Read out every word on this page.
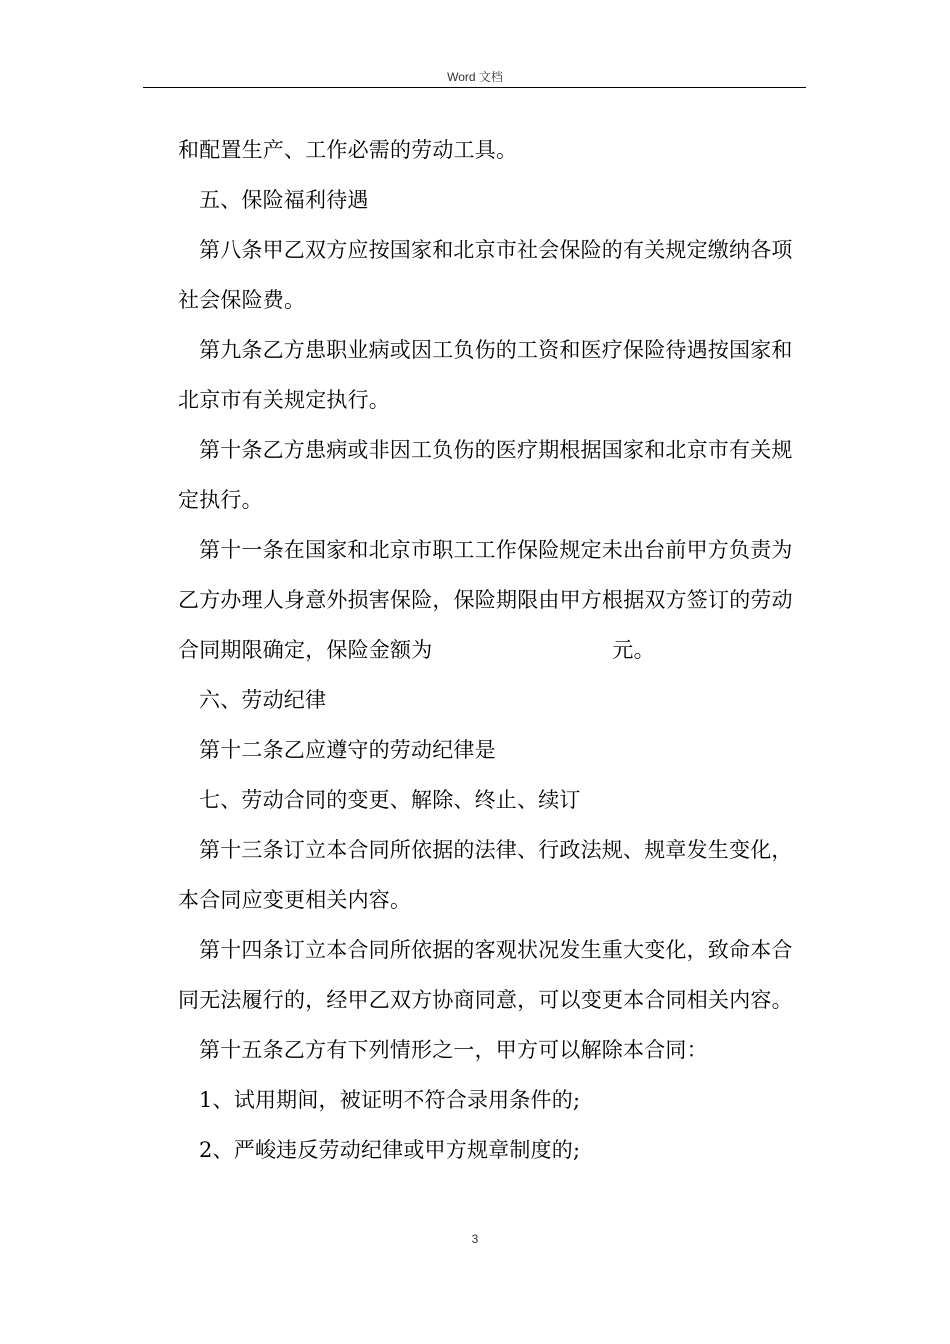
Word 文档

和配置生产、工作必需的劳动工具。

五、保险福利待遇

第八条甲乙双方应按国家和北京市社会保险的有关规定缴纳各项社会保险费。

第九条乙方患职业病或因工负伤的工资和医疗保险待遇按国家和北京市有关规定执行。

第十条乙方患病或非因工负伤的医疗期根据国家和北京市有关规定执行。

第十一条在国家和北京市职工工作保险规定未出台前甲方负责为乙方办理人身意外损害保险，保险期限由甲方根据双方签订的劳动合同期限确定，保险金额为	元。

六、劳动纪律

第十二条乙应遵守的劳动纪律是

七、劳动合同的变更、解除、终止、续订

第十三条订立本合同所依据的法律、行政法规、规章发生变化，本合同应变更相关内容。

第十四条订立本合同所依据的客观状况发生重大变化，致命本合同无法履行的，经甲乙双方协商同意，可以变更本合同相关内容。

第十五条乙方有下列情形之一，甲方可以解除本合同：

1、试用期间，被证明不符合录用条件的;

2、严峻违反劳动纪律或甲方规章制度的;

3
